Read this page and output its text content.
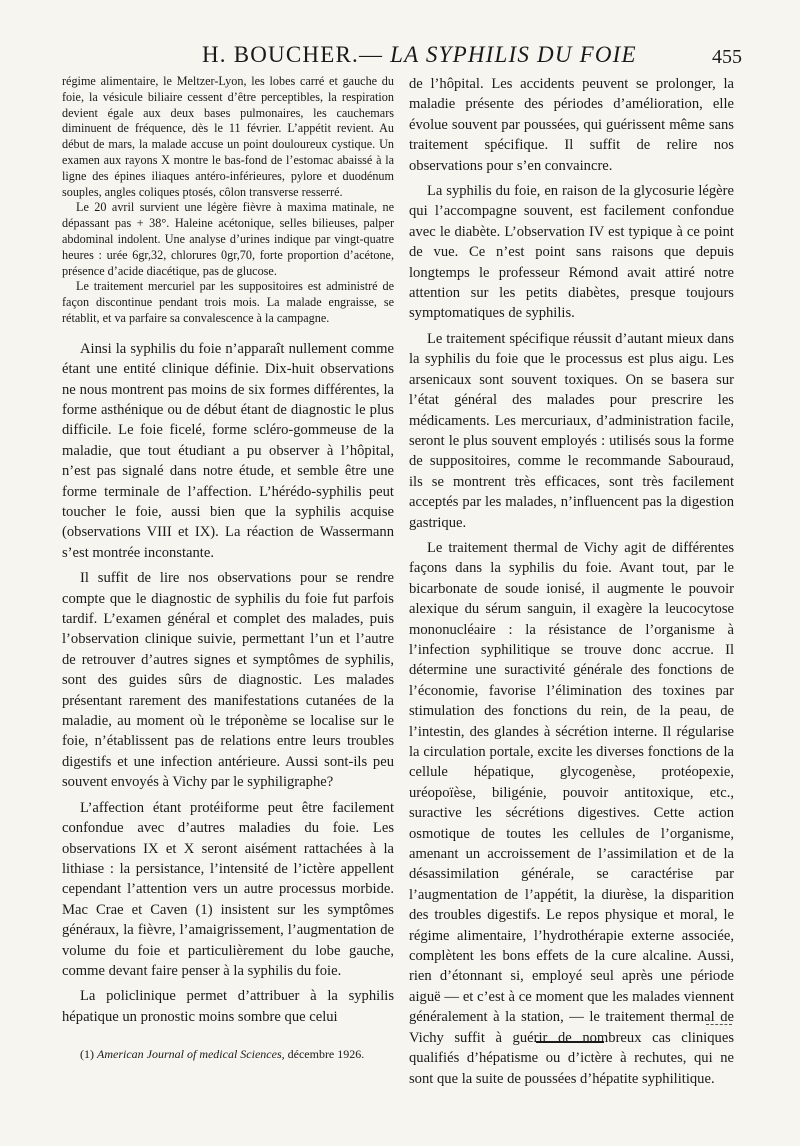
H. BOUCHER.— LA SYPHILIS DU FOIE	455

régime alimentaire, le Meltzer-Lyon, les lobes carré et gauche du foie, la vésicule biliaire cessent d’être perceptibles, la respiration devient égale aux deux bases pulmonaires, les cauchemars diminuent de fréquence, dès le 11 février. L’appétit revient. Au début de mars, la malade accuse un point douloureux cystique. Un examen aux rayons X montre le bas-fond de l’estomac abaissé à la ligne des épines iliaques antéro-inférieures, pylore et duodénum souples, angles coliques ptosés, côlon transverse resserré.

Le 20 avril survient une légère fièvre à maxima matinale, ne dépassant pas + 38°. Haleine acétonique, selles bilieuses, palper abdominal indolent. Une analyse d’urines indique par vingt-quatre heures : urée 6gr,32, chlorures 0gr,70, forte proportion d’acétone, présence d’acide diacétique, pas de glucose.

Le traitement mercuriel par les suppositoires est administré de façon discontinue pendant trois mois. La malade engraisse, se rétablit, et va parfaire sa convalescence à la campagne.

Ainsi la syphilis du foie n’apparaît nullement comme étant une entité clinique définie. Dix-huit observations ne nous montrent pas moins de six formes différentes, la forme asthénique ou de début étant de diagnostic le plus difficile. Le foie ficelé, forme scléro-gommeuse de la maladie, que tout étudiant a pu observer à l’hôpital, n’est pas signalé dans notre étude, et semble être une forme terminale de l’affection. L’hérédo-syphilis peut toucher le foie, aussi bien que la syphilis acquise (observations VIII et IX). La réaction de Wassermann s’est montrée inconstante.

Il suffit de lire nos observations pour se rendre compte que le diagnostic de syphilis du foie fut parfois tardif. L’examen général et complet des malades, puis l’observation clinique suivie, permettant l’un et l’autre de retrouver d’autres signes et symptômes de syphilis, sont des guides sûrs de diagnostic. Les malades présentant rarement des manifestations cutanées de la maladie, au moment où le tréponème se localise sur le foie, n’établissent pas de relations entre leurs troubles digestifs et une infection antérieure. Aussi sont-ils peu souvent envoyés à Vichy par le syphiligraphe?

L’affection étant protéiforme peut être facilement confondue avec d’autres maladies du foie. Les observations IX et X seront aisément rattachées à la lithiase : la persistance, l’intensité de l’ictère appellent cependant l’attention vers un autre processus morbide. Mac Crae et Caven (1) insistent sur les symptômes généraux, la fièvre, l’amaigrissement, l’augmentation de volume du foie et particulièrement du lobe gauche, comme devant faire penser à la syphilis du foie.

La policlinique permet d’attribuer à la syphilis hépatique un pronostic moins sombre que celui

(1) American Journal of medical Sciences, décembre 1926.

de l’hôpital. Les accidents peuvent se prolonger, la maladie présente des périodes d’amélioration, elle évolue souvent par poussées, qui guérissent même sans traitement spécifique. Il suffit de relire nos observations pour s’en convaincre.

La syphilis du foie, en raison de la glycosurie légère qui l’accompagne souvent, est facilement confondue avec le diabète. L’observation IV est typique à ce point de vue. Ce n’est point sans raisons que depuis longtemps le professeur Rémond avait attiré notre attention sur les petits diabètes, presque toujours symptomatiques de syphilis.

Le traitement spécifique réussit d’autant mieux dans la syphilis du foie que le processus est plus aigu. Les arsenicaux sont souvent toxiques. On se basera sur l’état général des malades pour prescrire les médicaments. Les mercuriaux, d’administration facile, seront le plus souvent employés : utilisés sous la forme de suppositoires, comme le recommande Sabouraud, ils se montrent très efficaces, sont très facilement acceptés par les malades, n’influencent pas la digestion gastrique.

Le traitement thermal de Vichy agit de différentes façons dans la syphilis du foie. Avant tout, par le bicarbonate de soude ionisé, il augmente le pouvoir alexique du sérum sanguin, il exagère la leucocytose mononucléaire : la résistance de l’organisme à l’infection syphilitique se trouve donc accrue. Il détermine une suractivité générale des fonctions de l’économie, favorise l’élimination des toxines par stimulation des fonctions du rein, de la peau, de l’intestin, des glandes à sécrétion interne. Il régularise la circulation portale, excite les diverses fonctions de la cellule hépatique, glycogenèse, protéopexie, uréopoïèse, biligénie, pouvoir antitoxique, etc., suractive les sécrétions digestives. Cette action osmotique de toutes les cellules de l’organisme, amenant un accroissement de l’assimilation et de la désassimilation générale, se caractérise par l’augmentation de l’appétit, la diurèse, la disparition des troubles digestifs. Le repos physique et moral, le régime alimentaire, l’hydrothérapie externe associée, complètent les bons effets de la cure alcaline. Aussi, rien d’étonnant si, employé seul après une période aiguë — et c’est à ce moment que les malades viennent généralement à la station, — le traitement thermal de Vichy suffit à guérir de nombreux cas cliniques qualifiés d’hépatisme ou d’ictère à rechutes, qui ne sont que la suite de poussées d’hépatite syphilitique.
